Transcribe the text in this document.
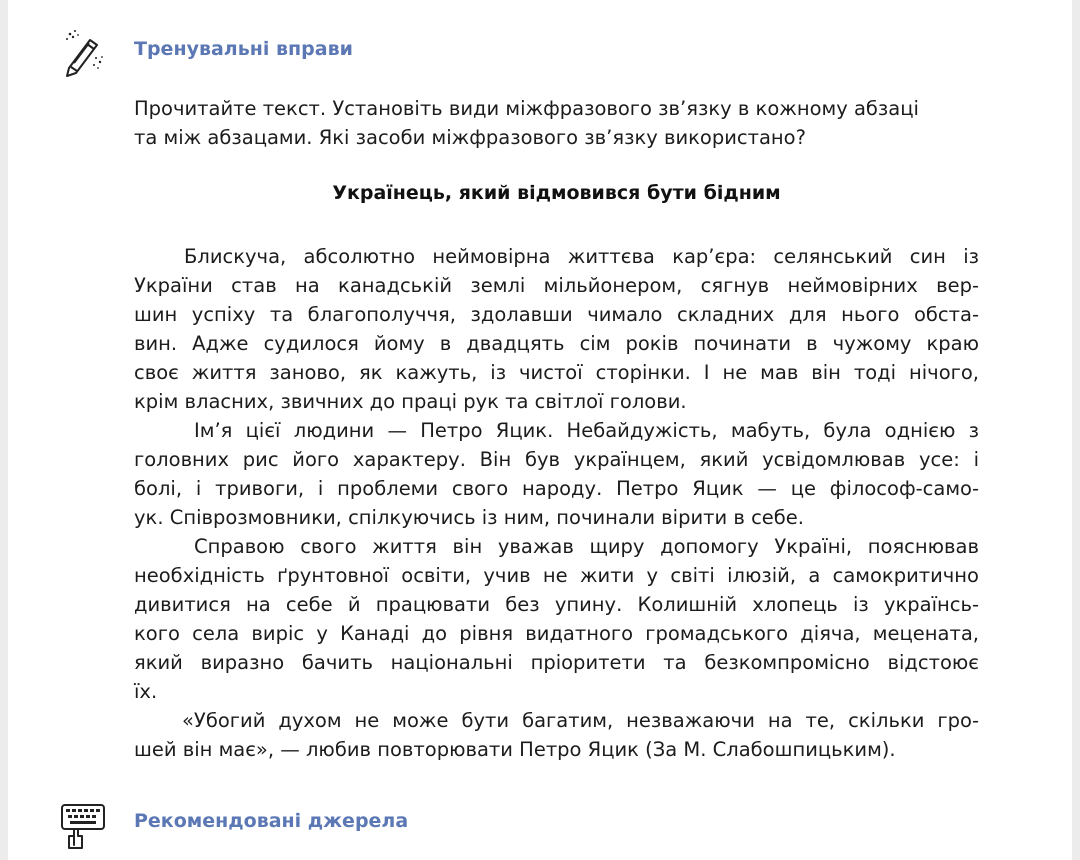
Тренувальні вправи

Прочитайте текст. Установіть види міжфразового зв’язку в кожному абзаці

та між абзацами. Які засоби міжфразового зв’язку використано?

Українець, який відмовився бути бідним
Блискуча, абсолютно неймовірна життєва кар’єра: селянський син із
України став на канадській землі мільйонером, сягнув неймовірних вер-
шин успіху та благополуччя, здолавши чимало складних для нього обста-
вин. Адже судилося йому в двадцять сім років починати в чужому краю
своє життя заново, як кажуть, із чистої сторінки. І не мав він тоді нічого,
крім власних, звичних до праці рук та світлої голови.
Ім’я цієї людини — Петро Яцик. Небайдужість, мабуть, була однією з
головних рис його характеру. Він був українцем, який усвідомлював усе: і
болі, і тривоги, і проблеми свого народу. Петро Яцик — це філософ-само-
ук. Співрозмовники, спілкуючись із ним, починали вірити в себе.
Справою свого життя він уважав щиру допомогу Україні, пояснював
необхідність ґрунтовної освіти, учив не жити у світі ілюзій, а самокритично
дивитися на себе й працювати без упину. Колишній хлопець із українсь-
кого села виріс у Канаді до рівня видатного громадського діяча, мецената,
який виразно бачить національні пріоритети та безкомпромісно відстоює
їх.
«Убогий духом не може бути багатим, незважаючи на те, скільки гро-
шей він має», — любив повторювати Петро Яцик (За М. Слабошпицьким).
Рекомендовані джерела
